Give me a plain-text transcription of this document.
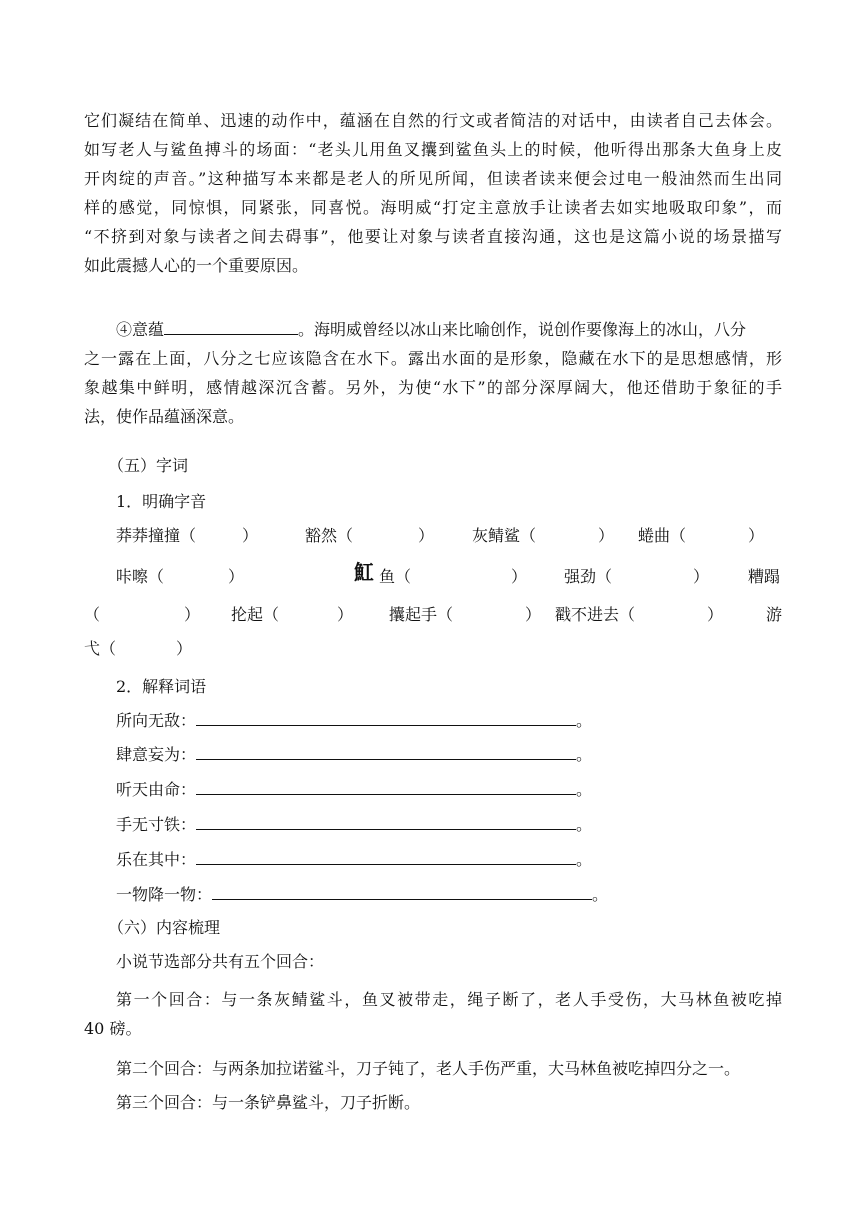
它们凝结在简单、迅速的动作中，蕴涵在自然的行文或者简洁的对话中，由读者自己去体会。
如写老人与鲨鱼搏斗的场面：“老头儿用鱼叉攮到鲨鱼头上的时候，他听得出那条大鱼身上皮
开肉绽的声音。”这种描写本来都是老人的所见所闻，但读者读来便会过电一般油然而生出同
样的感觉，同惊惧，同紧张，同喜悦。海明威“打定主意放手让读者去如实地吸取印象”，而
“不挤到对象与读者之间去碍事”，他要让对象与读者直接沟通，这也是这篇小说的场景描写
如此震撼人心的一个重要原因。
④意蕴	。海明威曾经以冰山来比喻创作，说创作要像海上的冰山，八分
之一露在上面，八分之七应该隐含在水下。露出水面的是形象，隐藏在水下的是思想感情，形
象越集中鲜明，感情越深沉含蓄。另外，为使“水下”的部分深厚阔大，他还借助于象征的手
法，使作品蕴涵深意。
（五）字词
1．明确字音
莽莽撞撞（	）	豁然（	） 灰鲭鲨（	） 蜷曲（	）
咔嚓（	）	魟 鱼（	） 强劲（	） 糟蹋
（	） 抡起（	） 攮起手（	） 戳不进去（	）	游
弋（	）
2．解释词语
所向无敌：	。
肆意妄为：	。
听天由命：	。
手无寸铁：	。
乐在其中：	。
一物降一物：	。
（六）内容梳理
小说节选部分共有五个回合：
第一个回合：与一条灰鲭鲨斗，鱼叉被带走，绳子断了，老人手受伤，大马林鱼被吃掉
40 磅。
第二个回合：与两条加拉诺鲨斗，刀子钝了，老人手伤严重，大马林鱼被吃掉四分之一。
第三个回合：与一条铲鼻鲨斗，刀子折断。
